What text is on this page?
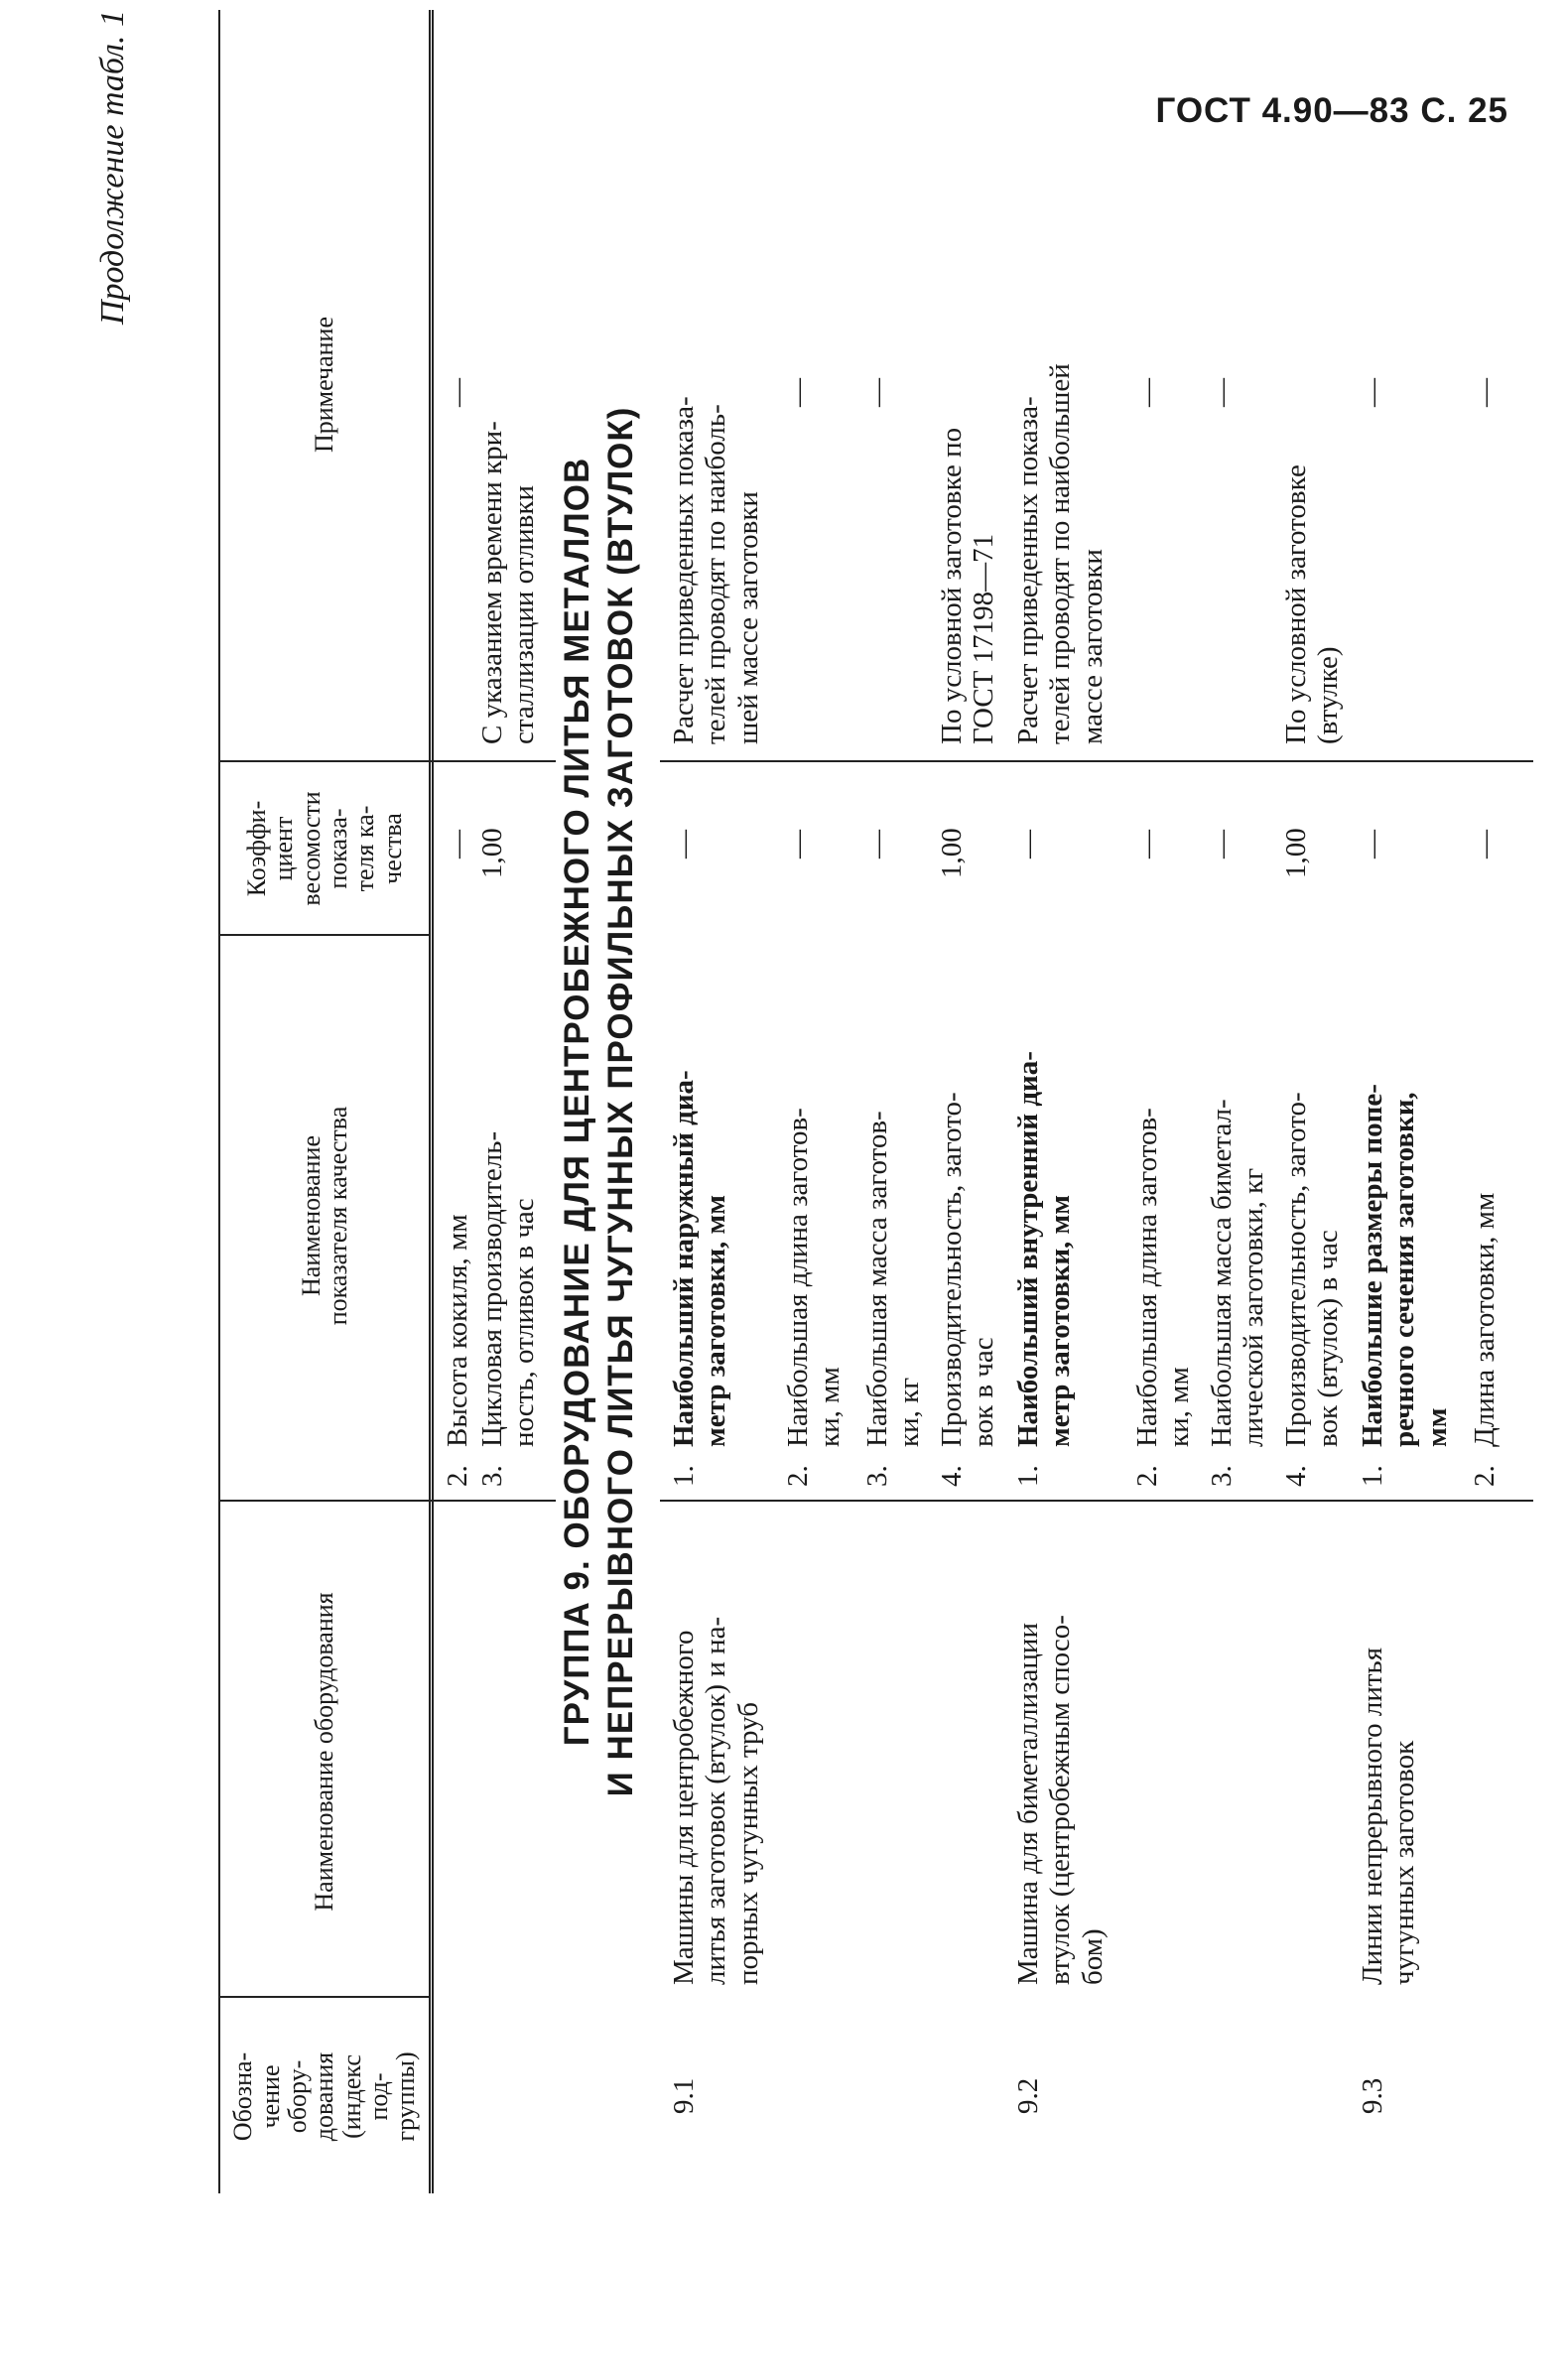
ГОСТ 4.90—83 С. 25
Продолжение табл. 1
Обозна-
чение
обору-
дования
(индекс
под-
группы)
Наименование оборудования
Наименование
показателя качества
Коэффи-
циент
весомости
показа-
теля ка-
чества
Примечание
2.
Высота кокиля, мм
—
—
3.
Цикловая производитель-
ность, отливок в час
1,00
С указанием времени кри-
сталлизации отливки ГРУППА 9. ОБОРУДОВАНИЕ ДЛЯ ЦЕНТРОБЕЖНОГО ЛИТЬЯ МЕТАЛЛОВ И НЕПРЕРЫВНОГО ЛИТЬЯ ЧУГУННЫХ ПРОФИЛЬНЫХ ЗАГОТОВОК (ВТУЛОК)
9.1
Машины для центробежного
литья заготовок (втулок) и на-
порных чугунных труб
1.
Наибольший наружный диа-
метр заготовки, мм
—
Расчет приведенных показа-
телей проводят по наиболь-
шей массе заготовки
2.
Наибольшая длина заготов-
ки, мм
—
—
3.
Наибольшая масса заготов-
ки, кг
—
—
4.
Производительность, загото-
вок в час
1,00
По условной заготовке по
ГОСТ 17198—71
9.2
Машина для биметаллизации
втулок (центробежным спосо-
бом)
1.
Наибольший внутренний диа-
метр заготовки, мм
—
Расчет приведенных показа-
телей проводят по наибольшей
массе заготовки
2.
Наибольшая длина заготов-
ки, мм
—
—
3.
Наибольшая масса биметал-
лической заготовки, кг
—
—
4.
Производительность, загото-
вок (втулок) в час
1,00
По условной заготовке
(втулке)
9.3
Линии непрерывного литья
чугунных заготовок
1.
Наибольшие размеры попе-
речного сечения заготовки,
мм
—
—
2.
Длина заготовки, мм
—
—
